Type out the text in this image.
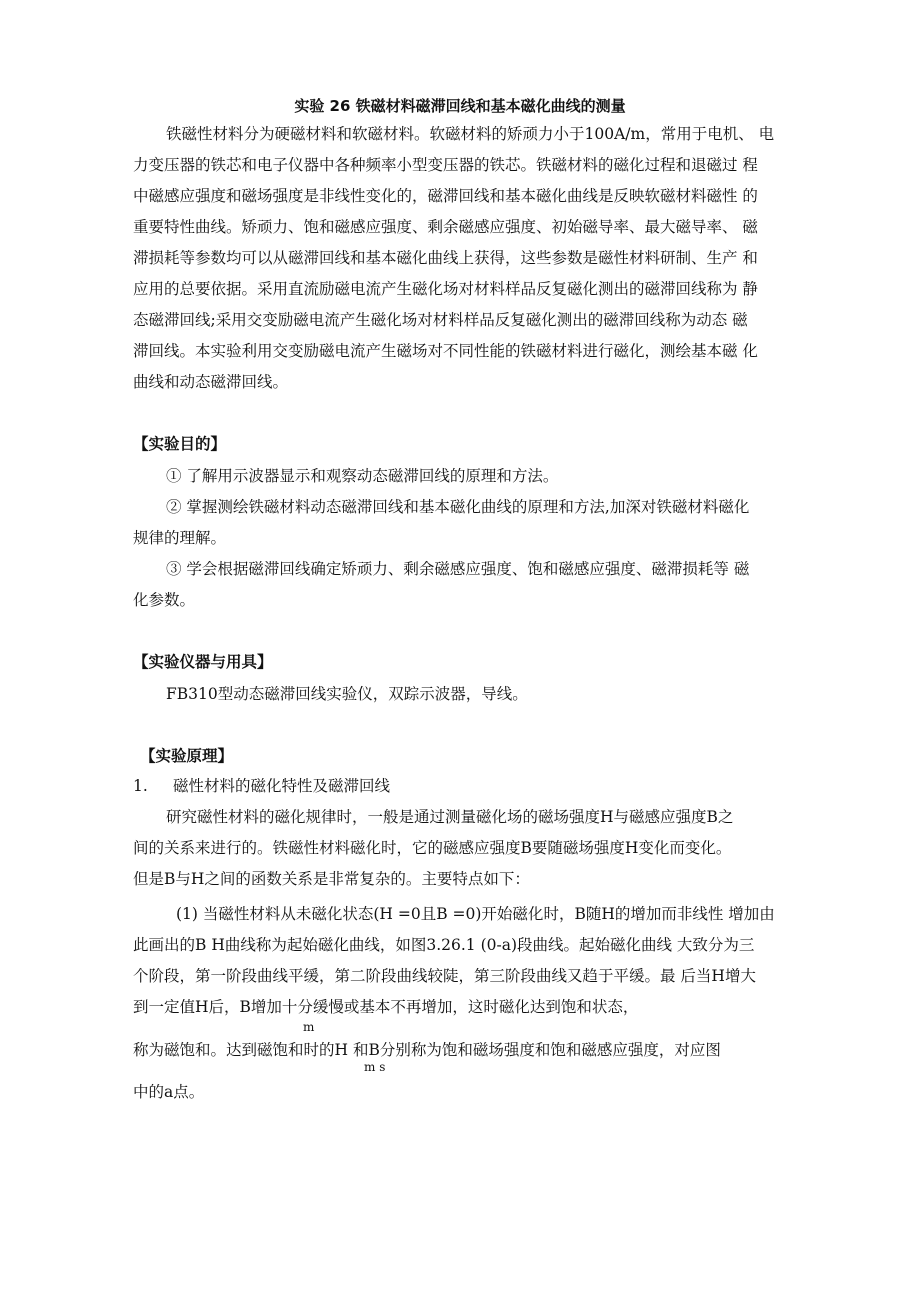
实验 26 铁磁材料磁滞回线和基本磁化曲线的测量
铁磁性材料分为硬磁材料和软磁材料。软磁材料的矫顽力小于100A/m，常用于电机、 电
力变压器的铁芯和电子仪器中各种频率小型变压器的铁芯。铁磁材料的磁化过程和退磁过 程
中磁感应强度和磁场强度是非线性变化的，磁滞回线和基本磁化曲线是反映软磁材料磁性 的
重要特性曲线。矫顽力、饱和磁感应强度、剩余磁感应强度、初始磁导率、最大磁导率、 磁
滞损耗等参数均可以从磁滞回线和基本磁化曲线上获得，这些参数是磁性材料研制、生产 和
应用的总要依据。采用直流励磁电流产生磁化场对材料样品反复磁化测出的磁滞回线称为 静
态磁滞回线;采用交变励磁电流产生磁化场对材料样品反复磁化测出的磁滞回线称为动态 磁
滞回线。本实验利用交变励磁电流产生磁场对不同性能的铁磁材料进行磁化，测绘基本磁 化
曲线和动态磁滞回线。
【实验目的】
① 了解用示波器显示和观察动态磁滞回线的原理和方法。
② 掌握测绘铁磁材料动态磁滞回线和基本磁化曲线的原理和方法,加深对铁磁材料磁化
规律的理解。
③ 学会根据磁滞回线确定矫顽力、剩余磁感应强度、饱和磁感应强度、磁滞损耗等 磁
化参数。
【实验仪器与用具】
FB310型动态磁滞回线实验仪，双踪示波器，导线。
【实验原理】
1. 磁性材料的磁化特性及磁滞回线
研究磁性材料的磁化规律时，一般是通过测量磁化场的磁场强度H与磁感应强度B之
间的关系来进行的。铁磁性材料磁化时，它的磁感应强度B要随磁场强度H变化而变化。
但是B与H之间的函数关系是非常复杂的。主要特点如下：
(1) 当磁性材料从未磁化状态(H =0且B =0)开始磁化时，B随H的增加而非线性 增加由
此画出的B H曲线称为起始磁化曲线，如图3.26.1 (0-a)段曲线。起始磁化曲线 大致分为三
个阶段，第一阶段曲线平缓，第二阶段曲线较陡，第三阶段曲线又趋于平缓。最 后当H增大
到一定值H后，B增加十分缓慢或基本不再增加，这时磁化达到饱和状态，
m
称为磁饱和。达到磁饱和时的H 和B分别称为饱和磁场强度和饱和磁感应强度，对应图
m s
中的a点。
